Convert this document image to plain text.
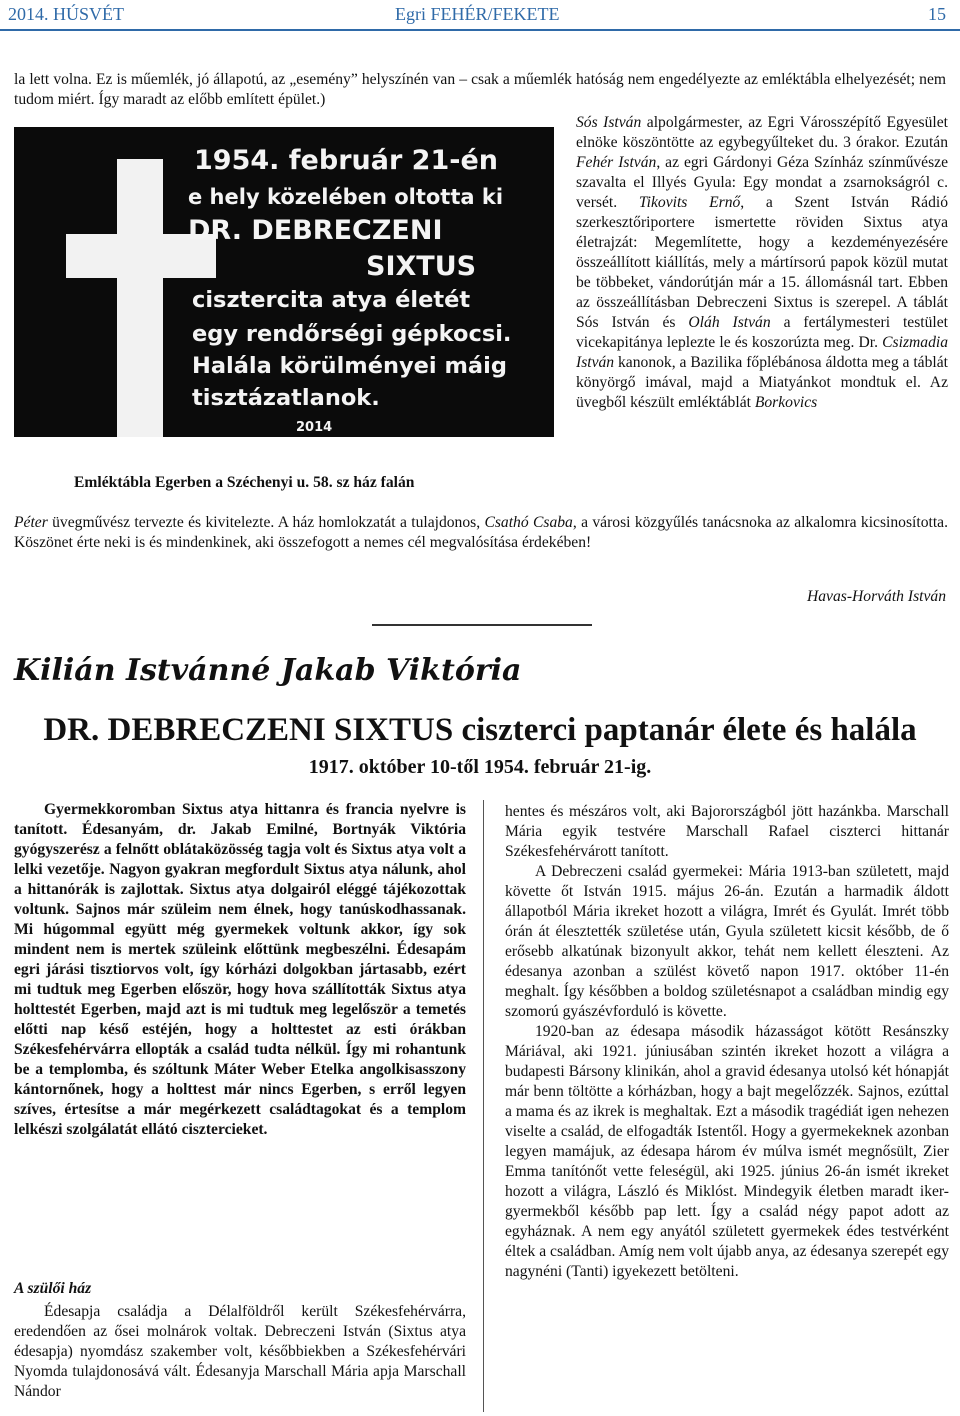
2014. HÚSVÉT	Egri FEHÉR/FEKETE	15

la lett volna. Ez is műemlék, jó állapotú, az „esemény” helyszínén van – csak a műemlék hatóság nem engedélyezte az emléktábla elhelyezését; nem tudom miért. Így maradt az előbb említett épület.)

1954. február 21-én

e hely közelében oltotta ki

DR. DEBRECZENI

SIXTUS

cisztercita atya életét

egy rendőrségi gépkocsi.

Halála körülményei máig

tisztázatlanok.

2014

Emléktábla Egerben a Széchenyi u. 58. sz ház falán

Sós István alpolgármester, az Egri Városszépítő Egyesület elnöke köszöntötte az egybegyűlteket du. 3 órakor. Ezután Fehér István, az egri Gárdonyi Géza Színház színművésze szavalta el Illyés Gyula: Egy mondat a zsarnokságról c. versét. Tikovits Ernő, a Szent István Rádió szerkesztőriportere ismertette röviden Sixtus atya életrajzát: Megemlítette, hogy a kezdeményezésére összeállított kiállítás, mely a mártírsorú papok közül mutat be többeket, vándorútján már a 15. állomásnál tart. Ebben az összeállításban Debreczeni Sixtus is szerepel. A táblát Sós István és Oláh István a fertálymesteri testület vicekapitánya leplezte le és koszorúzta meg. Dr. Csizmadia István kanonok, a Bazilika főplébánosa áldotta meg a táblát könyörgő imával, majd a Miatyánkot mondtuk el. Az üvegből készült emléktáblát Borkovics

Péter üvegművész tervezte és kivitelezte. A ház homlokzatát a tulajdonos, Csathó Csaba, a városi közgyűlés tanácsnoka az alkalomra kicsinosította. Köszönet érte neki is és mindenkinek, aki összefogott a nemes cél megvalósítása érdekében!

Havas-Horváth István
Kilián Istvánné Jakab Viktória
DR. DEBRECZENI SIXTUS ciszterci paptanár élete és halála
1917. október 10-től 1954. február 21-ig.

Gyermekkoromban Sixtus atya hittanra és francia nyelvre is tanított. Édesanyám, dr. Jakab Emilné, Bortnyák Viktória gyógyszerész a felnőtt oblátaközösség tagja volt és Sixtus atya volt a lelki vezetője. Nagyon gyakran megfordult Sixtus atya nálunk, ahol a hittanórák is zajlottak. Sixtus atya dolgairól eléggé tájékozottak voltunk. Sajnos már szüleim nem élnek, hogy tanúskodhassanak. Mi húgommal együtt még gyermekek voltunk akkor, így sok mindent nem is mertek szüleink előttünk megbeszélni. Édesapám egri járási tisztiorvos volt, így kórházi dolgokban jártasabb, ezért mi tudtuk meg Egerben először, hogy hova szállították Sixtus atya holttestét Egerben, majd azt is mi tudtuk meg legelőször a temetés előtti nap késő estéjén, hogy a holttestet az esti órákban Székesfehérvárra ellopták a család tudta nélkül. Így mi rohantunk be a templomba, és szóltunk Máter Weber Etelka angolkisasszony kántornőnek, hogy a holttest már nincs Egerben, s erről legyen szíves, értesítse a már megérkezett családtagokat és a templom lelkészi szolgálatát ellátó cisztercieket.

A szülői ház

Édesapja családja a Délalföldről került Székesfehérvárra, eredendően az ősei molnárok voltak. Debreczeni István (Sixtus atya édesapja) nyomdász szakember volt, későbbiekben a Székesfehérvári Nyomda tulajdonosává vált. Édesanyja Marschall Mária apja Marschall Nándor

hentes és mészáros volt, aki Bajorországból jött hazánkba. Marschall Mária egyik testvére Marschall Rafael ciszterci hittanár Székesfehérvárott tanított.
A Debreczeni család gyermekei: Mária 1913-ban született, majd követte őt István 1915. május 26-án. Ezután a harmadik áldott állapotból Mária ikreket hozott a világra, Imrét és Gyulát. Imrét több órán át élesztették születése után, Gyula született kicsit később, de ő erősebb alkatúnak bizonyult akkor, tehát nem kellett éleszteni. Az édesanya azonban a szülést követő napon 1917. október 11-én meghalt. Így későbben a boldog születésnapot a családban mindig egy szomorú gyászévforduló is követte.
1920-ban az édesapa második házasságot kötött Resánszky Máriával, aki 1921. júniusában szintén ikreket hozott a világra a budapesti Bársony klinikán, ahol a gravid édesanya utolsó két hónapját már benn töltötte a kórházban, hogy a bajt megelőzzék. Sajnos, ezúttal a mama és az ikrek is meghaltak. Ezt a második tragédiát igen nehezen viselte a család, de elfogadták Istentől. Hogy a gyermekeknek azonban legyen mamájuk, az édesapa három év múlva ismét megnősült, Zier Emma tanítónőt vette feleségül, aki 1925. június 26-án ismét ikreket hozott a világra, László és Miklóst. Mindegyik életben maradt iker-gyermekből később pap lett. Így a család négy papot adott az egyháznak. A nem egy anyától született gyermekek édes testvérként éltek a családban. Amíg nem volt újabb anya, az édesanya szerepét egy nagynéni (Tanti) igyekezett betölteni.
